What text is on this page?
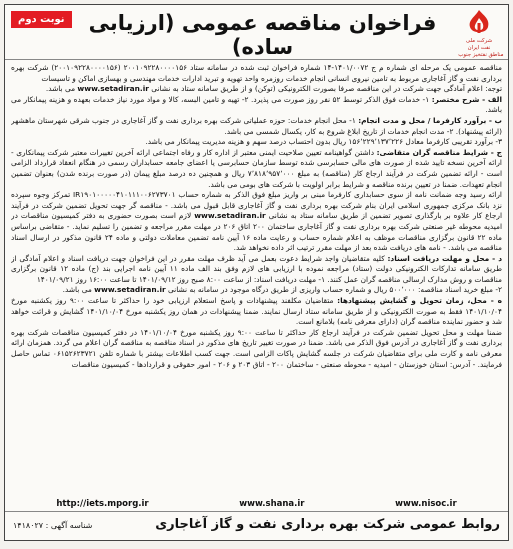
نوبت دوم	فراخوان مناقصه عمومی (ارزیابی ساده)	شرکت ملی
نفت ایران
مناطق نفتخیز جنوب

مناقصه عمومی یک مرحله ای شماره م ج ۱۴۰۱/۰۰۷۲-۱۴ شماره فراخوان ثبت شده در سامانه ستاد ۲۰۰۱۰۹۲۲۸۰۰۰۰۱۵۶ (۲۰۰۱۰۹۲۲۸۰۰۰۰۱۵۶) شرکت بهره برداری نفت و گاز آغاجاری مربوط به تامین نیروی انسانی انجام خدمات روزمره واحد تهویه و تبرید ادارات خدمات مهندسی و بهسازی اماکن و تاسیسات

توجه: اعلام آمادگی جهت شرکت در این مناقصه صرفا بصورت الکترونیکی (توکن) و از طریق سامانه ستاد به نشانی www.setadiran.ir می باشد.

الف - شرح مختصر: ۱- خدمات فوق الذکر توسط ۵۲ نفر روز صورت می پذیرد. ۲- تهیه و تامین البسه، کالا و مواد مورد نیاز خدمات بعهده و هزینه پیمانکار می باشد.

ب - برآورد کارفرما / محل و مدت انجام: ۱- محل انجام خدمات: حوزه عملیاتی شرکت بهره برداری نفت و گاز آغاجاری در جنوب شرقی شهرستان ماهشهر (ارائه پیشنهاد). ۲- مدت انجام خدمات از تاریخ ابلاغ شروع به کار، یکسال شمسی می باشد.

۳- برآورد تقریبی کارفرما معادل ۱۵۶٬۲۲۹٬۱۳۷٬۲۲۶ ریال بدون احتساب درصد سهم و هزینه مدیریت پیمانکار می باشد.

ج - شرایط مناقصه گران متقاضی: داشتن گواهینامه تعیین صلاحیت ایمنی معتبر از اداره کار و رفاه اجتماعی ارائه آخرین تغییرات معتبر شرکت پیمانکاری - ارائه آخرین نسخه تایید شده از صورت های مالی حسابرسی شده توسط سازمان حسابرسی یا اعضای جامعه حسابداران رسمی در هنگام انعقاد قرارداد الزامی است - ارائه تضمین شرکت در فرآیند ارجاع کار (مناقصه) به مبلغ ۷٬۸۱۸٬۹۵۷٬۰۰۰ ریال و همچنین ده درصد مبلغ پیمان (در صورت برنده شدن) بعنوان تضمین انجام تعهدات. ضمنا در تعیین برنده مناقصه و شرایط برابر اولویت با شرکت های بومی می باشد.

ارائه رسید وجه ضمانت نامه از سوی حسابداری کارفرما مبنی بر واریز مبلغ فوق الذکر به شماره حساب IR۱۹۰۱۰۰۰۰۰۴۱۰۱۱۱۰۰۶۲۷۳۷۰۱ تمرکز وجوه سپرده نزد بانک مرکزی جمهوری اسلامی ایران بنام شرکت بهره برداری نفت و گاز آغاجاری قابل قبول می باشد. - مناقصه گر جهت تحویل تضمین شرکت در فرآیند ارجاع کار علاوه بر بارگذاری تصویر تضمین از طریق سامانه ستاد به نشانی www.setadiran.ir لازم است بصورت حضوری به دفتر کمیسیون مناقصات در امیدیه محوطه غیر صنعتی شرکت بهره برداری نفت و گاز آغاجاری ساختمان ۲۰۰ اتاق ۲۰۶ در مهلت مقرر مراجعه و تضمین را تسلیم نماید. - متقاضی براساس ماده ۲۲ قانون برگزاری مناقصات موظف به اعلام شماره حساب و رعایت ماده ۱۶ آیین نامه تضمین معاملات دولتی و ماده ۲۴ قانون مذکور در ارسال اسناد مناقصه می باشد. - نامه های دریافت شده بعد از مهلت مقرر ترتیب اثر داده نخواهد شد.

د - محل و مهلت دریافت اسناد: کلیه متقاضیان واجد شرایط دعوت بعمل می آید ظرف مهلت مقرر در این فراخوان جهت دریافت اسناد و اعلام آمادگی از طریق سامانه تدارکات الکترونیکی دولت (ستاد) مراجعه نموده با ارزیابی های لازم وفق بند الف ماده ۱۱ آیین نامه اجرایی بند (ج) ماده ۱۲ قانون برگزاری مناقصات و روش مدارک ارسالی مناقصه گران عمل کنند. ۱- مهلت دریافت اسناد: از ساعت ۸:۰۰ صبح روز ۱۴۰۱/۰۹/۱۲ تا ساعت ۱۶:۰۰ روز ۱۴۰۱/۰۹/۲۱

۲- مبلغ خرید اسناد مناقصه: ۵۰۰٬۰۰۰ ریال و شماره حساب واریزی از طریق درگاه موجود در سامانه به نشانی www.setadiran.ir می باشد.

ه - محل، زمان تحویل و گشایش پیشنهادها: متقاضیان مکلفند پیشنهادات و پاسخ استعلام ارزیابی خود را حداکثر تا ساعت ۹:۰۰ روز یکشنبه مورخ ۱۴۰۱/۱۰/۰۴ فقط به صورت الکترونیکی و از طریق سامانه ستاد ارسال نمایند. ضمنا پیشنهادات در همان روز یکشنبه مورخ ۱۴۰۱/۱۰/۰۴ گشایش و قرائت خواهد شد و حضور نماینده مناقصه گران (دارای معرفی نامه) بلامانع است.

ضمنا مهلت و محل تحویل تضمین شرکت در فرآیند ارجاع کار حداکثر تا ساعت ۹:۰۰ روز یکشنبه مورخ ۱۴۰۱/۱۰/۰۴ در دفتر کمیسیون مناقصات شرکت بهره برداری نفت و گاز آغاجاری در آدرس فوق الذکر می باشد. ضمنا در صورت تغییر تاریخ های مذکور در اسناد مناقصه به مناقصه گران اعلام می گردد. همزمان ارائه معرفی نامه و کارت ملی برای متقاضیان شرکت در جلسه گشایش پاکات الزامی است. جهت کسب اطلاعات بیشتر با شماره تلفن ۰۶۱۵۲۶۲۳۷۲۱ تماس حاصل فرمایند. - آدرس: استان خوزستان - امیدیه - محوطه صنعتی - ساختمان ۲۰۰ - اتاق ۲۰۳ و ۲۰۶ - امور حقوقی و قراردادها - کمیسیون مناقصات

http://iets.mporg.ir	www.shana.ir	www.nisoc.ir
روابط عمومی شرکت بهره برداری نفت و گاز آغاجاری
شناسه آگهی : ۱۴۱۸۰۲۷
